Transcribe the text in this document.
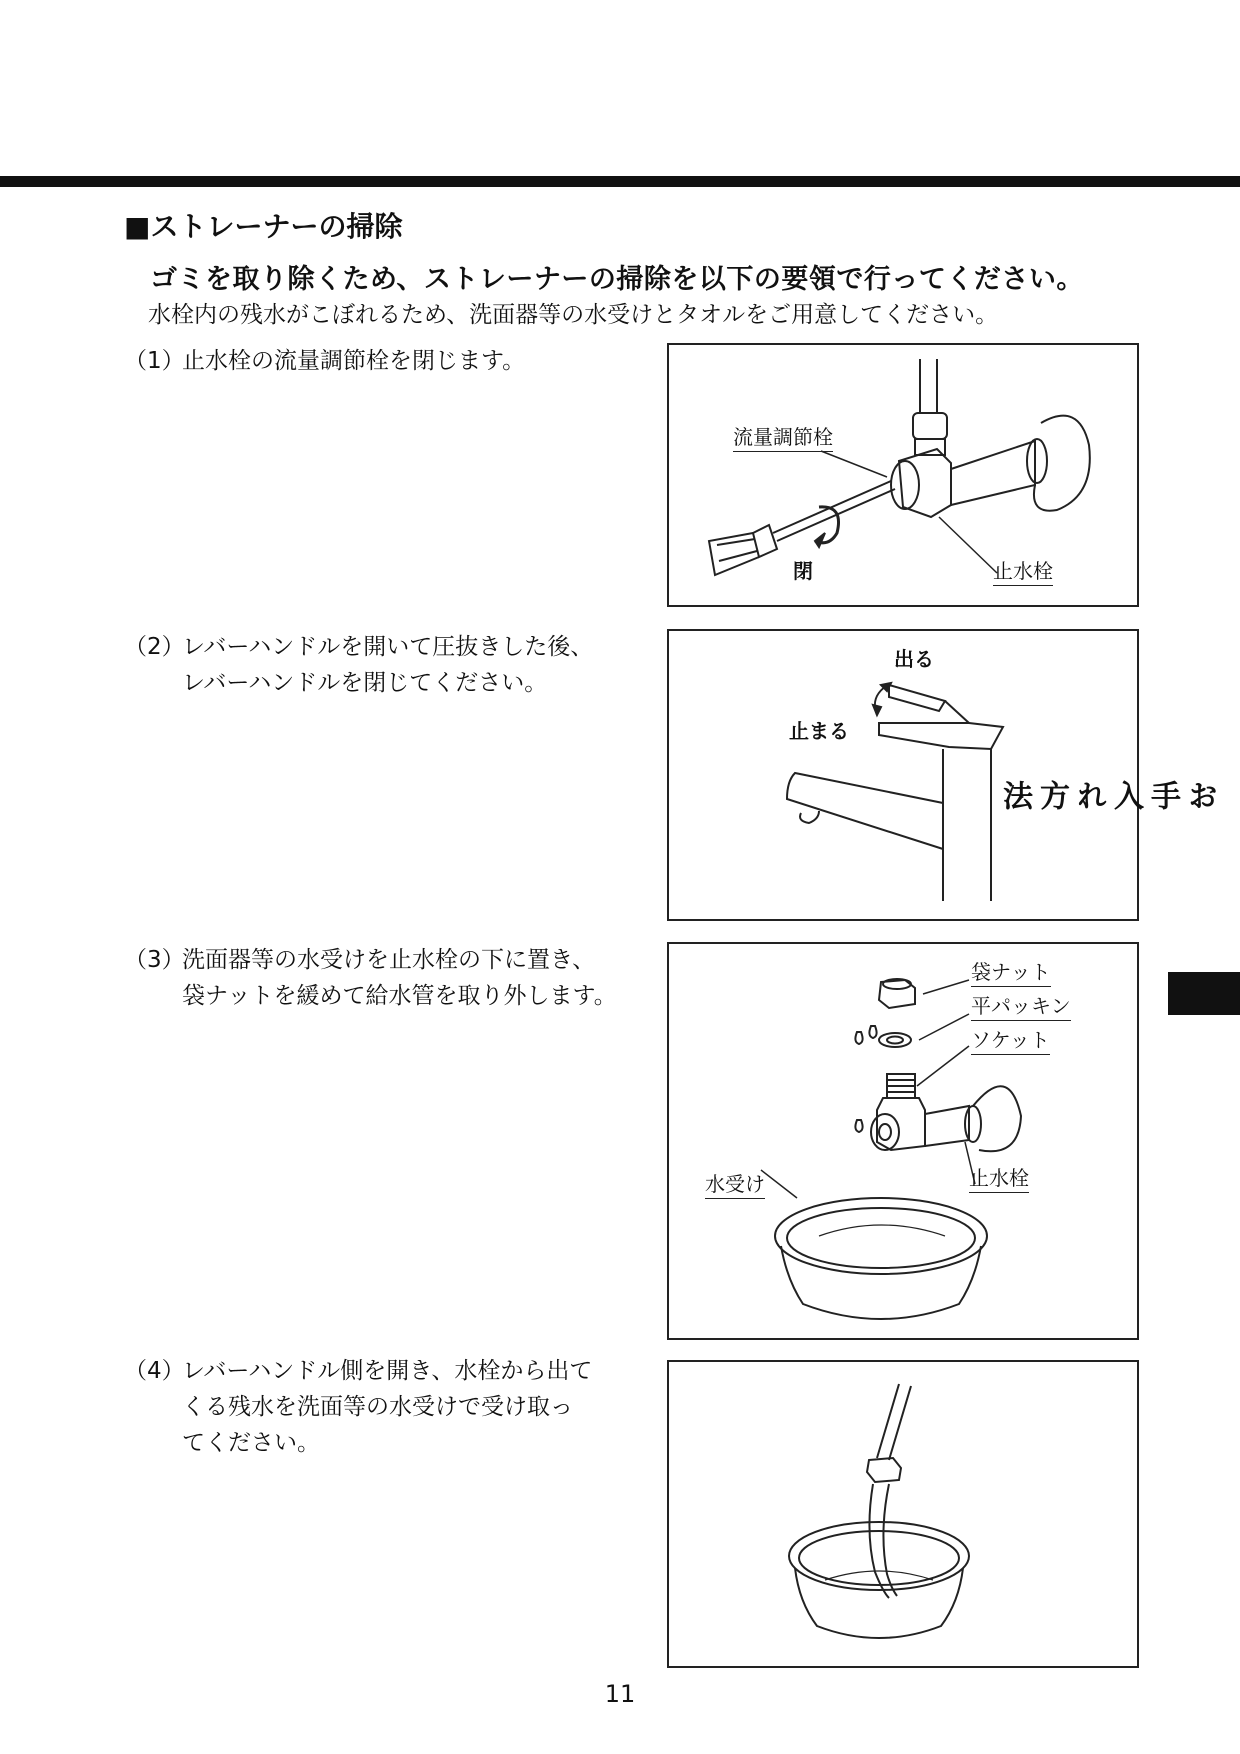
■ストレーナーの掃除
ゴミを取り除くため、ストレーナーの掃除を以下の要領で行ってください。
水栓内の残水がこぼれるため、洗面器等の水受けとタオルをご用意してください。
（1）
止水栓の流量調節栓を閉じます。
（2）
レバーハンドルを開いて圧抜きした後、
レバーハンドルを閉じてください。
（3）
洗面器等の水受けを止水栓の下に置き、
袋ナットを緩めて給水管を取り外します。
（4）
レバーハンドル側を開き、水栓から出て
くる残水を洗面等の水受けで受け取っ
てください。
流量調節栓
閉	止水栓
出る
止まる
袋ナット
平パッキン
ソケット
止水栓
水受け
お手入れ方法
11
